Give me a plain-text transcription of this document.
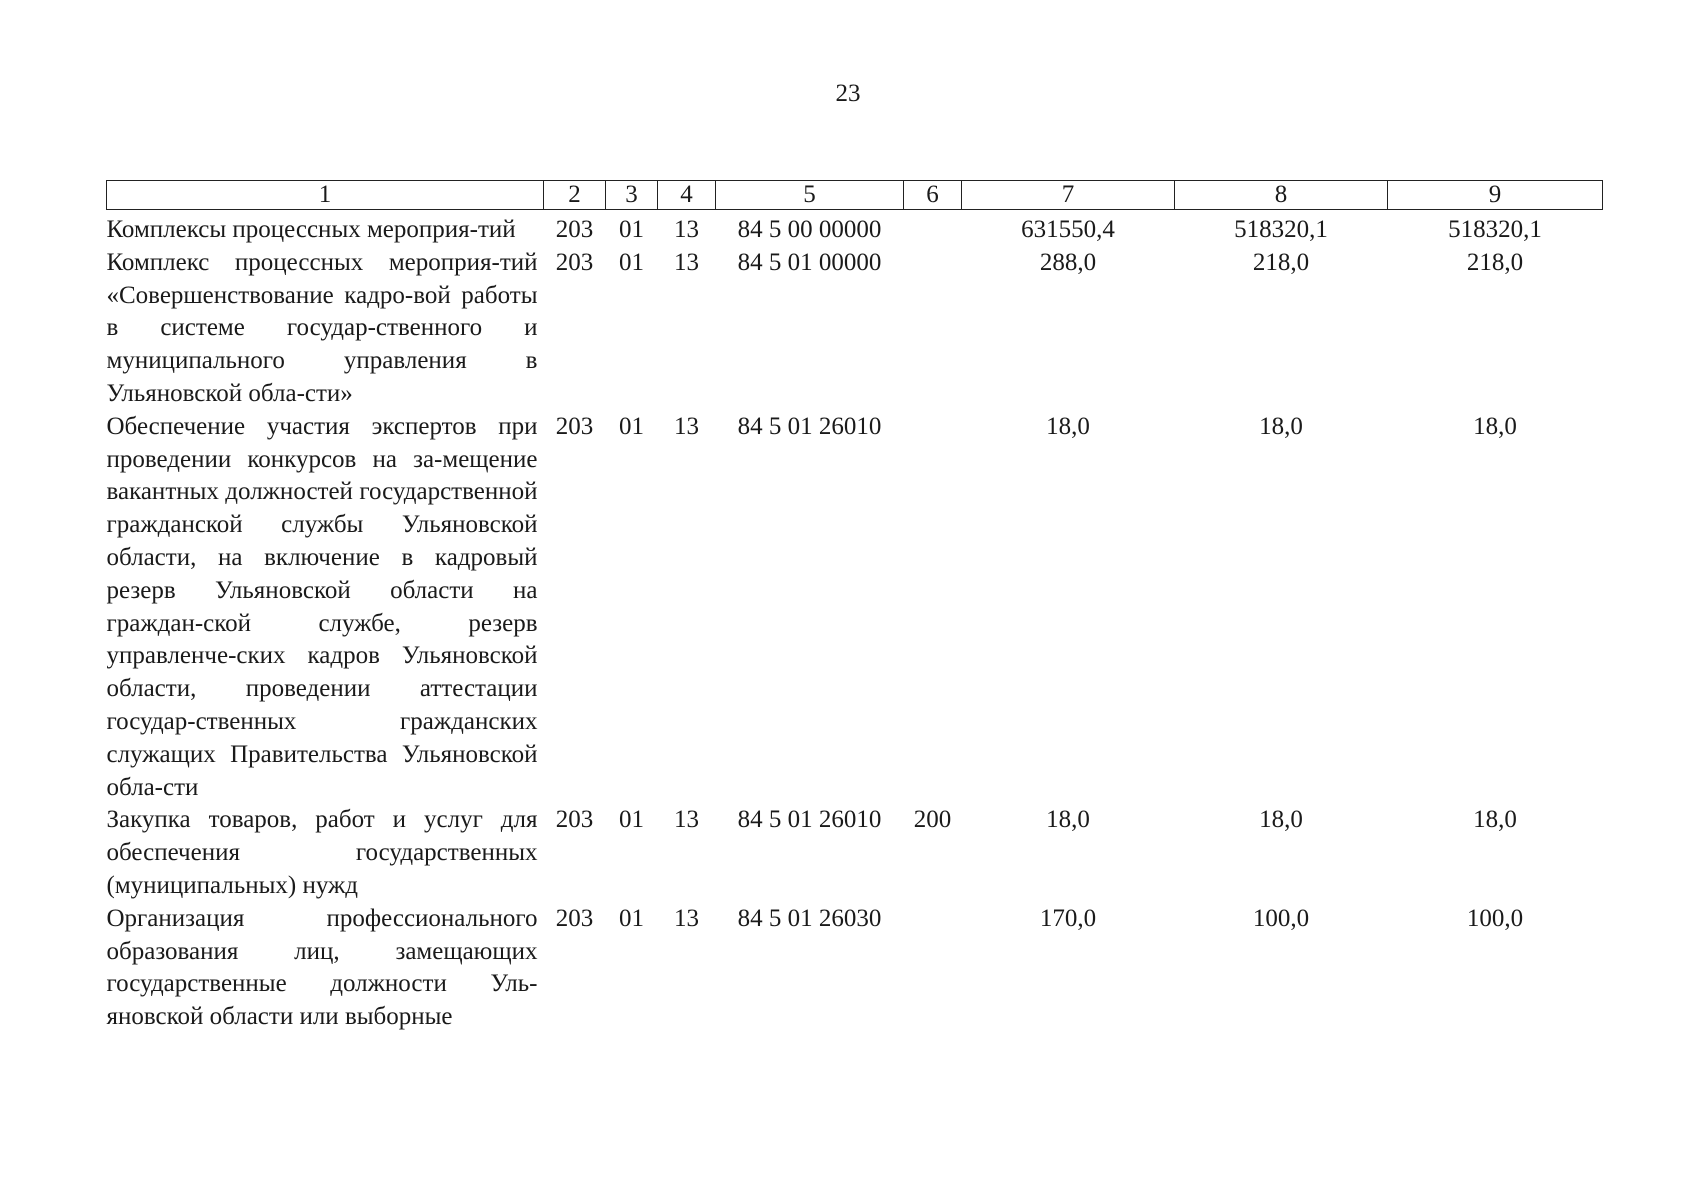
23
1	2	3	4	5	6	7	8	9
Комплексы процессных мероприя-тий	203	01	13	84 5 00 00000		631550,4	518320,1	518320,1
Комплекс процессных мероприя-тий «Совершенствование кадро-вой работы в системе государ-ственного и муниципального управления в Ульяновской обла-сти»	203	01	13	84 5 01 00000		288,0	218,0	218,0
Обеспечение участия экспертов при проведении конкурсов на за-мещение вакантных должностей государственной гражданской службы Ульяновской области, на включение в кадровый резерв Ульяновской области на граждан-ской службе, резерв управленче-ских кадров Ульяновской области, проведении аттестации государ-ственных гражданских служащих Правительства Ульяновской обла-сти	203	01	13	84 5 01 26010		18,0	18,0	18,0
Закупка товаров, работ и услуг для обеспечения государственных (муниципальных) нужд	203	01	13	84 5 01 26010	200	18,0	18,0	18,0
Организация профессионального образования лиц, замещающих государственные должности Уль-яновской области или выборные	203	01	13	84 5 01 26030		170,0	100,0	100,0
